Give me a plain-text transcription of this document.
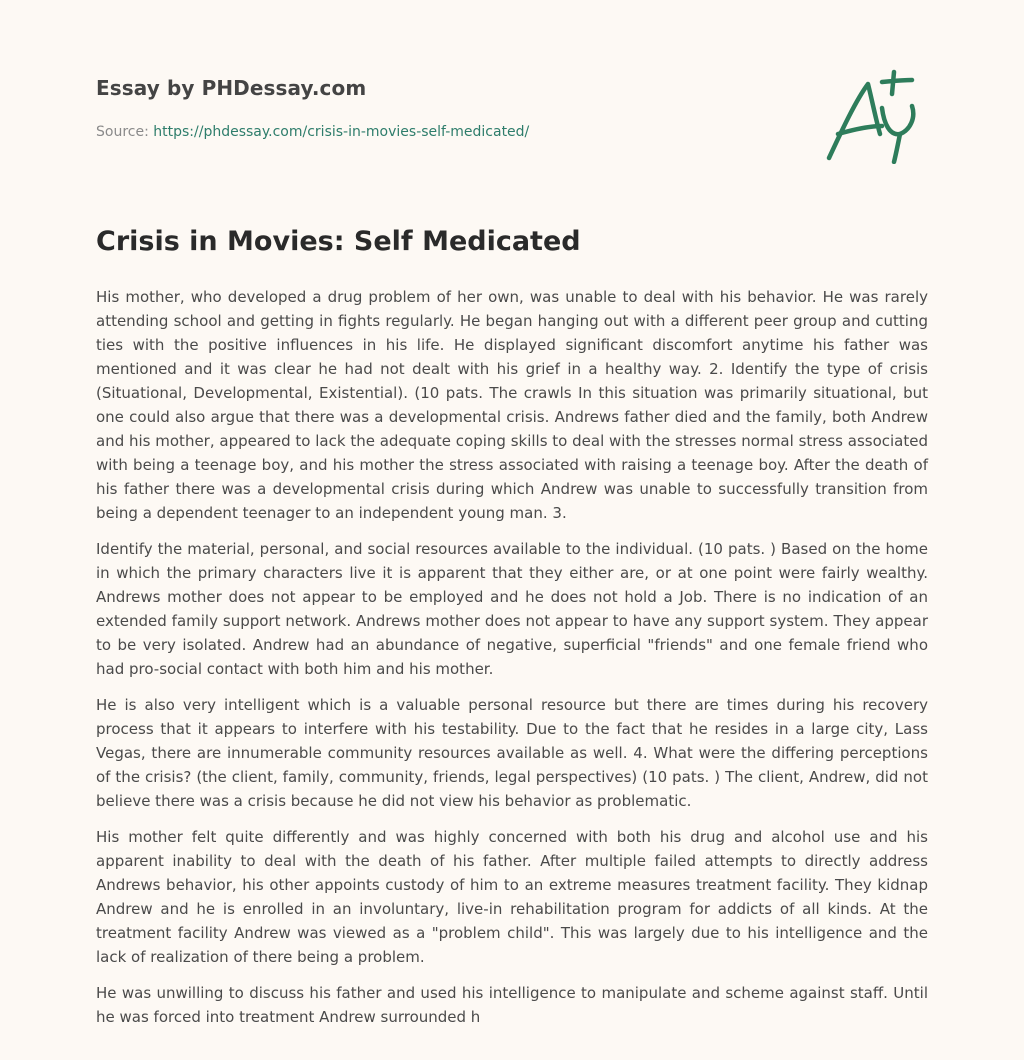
Essay by PHDessay.com
Source: https://phdessay.com/crisis-in-movies-self-medicated/
Crisis in Movies: Self Medicated

His mother, who developed a drug problem of her own, was unable to deal with his behavior. He was rarely attending school and getting in fights regularly. He began hanging out with a different peer group and cutting ties with the positive influences in his life. He displayed significant discomfort anytime his father was mentioned and it was clear he had not dealt with his grief in a healthy way. 2. Identify the type of crisis (Situational, Developmental, Existential). (10 pats. The crawls In this situation was primarily situational, but one could also argue that there was a developmental crisis. Andrews father died and the family, both Andrew and his mother, appeared to lack the adequate coping skills to deal with the stresses normal stress associated with being a teenage boy, and his mother the stress associated with raising a teenage boy. After the death of his father there was a developmental crisis during which Andrew was unable to successfully transition from being a dependent teenager to an independent young man. 3.

Identify the material, personal, and social resources available to the individual. (10 pats. ) Based on the home in which the primary characters live it is apparent that they either are, or at one point were fairly wealthy. Andrews mother does not appear to be employed and he does not hold a Job. There is no indication of an extended family support network. Andrews mother does not appear to have any support system. They appear to be very isolated. Andrew had an abundance of negative, superficial "friends" and one female friend who had pro-social contact with both him and his mother.

He is also very intelligent which is a valuable personal resource but there are times during his recovery process that it appears to interfere with his testability. Due to the fact that he resides in a large city, Lass Vegas, there are innumerable community resources available as well. 4. What were the differing perceptions of the crisis? (the client, family, community, friends, legal perspectives) (10 pats. ) The client, Andrew, did not believe there was a crisis because he did not view his behavior as problematic.

His mother felt quite differently and was highly concerned with both his drug and alcohol use and his apparent inability to deal with the death of his father. After multiple failed attempts to directly address Andrews behavior, his other appoints custody of him to an extreme measures treatment facility. They kidnap Andrew and he is enrolled in an involuntary, live-in rehabilitation program for addicts of all kinds. At the treatment facility Andrew was viewed as a "problem child". This was largely due to his intelligence and the lack of realization of there being a problem.

He was unwilling to discuss his father and used his intelligence to manipulate and scheme against staff. Until he was forced into treatment Andrew surrounded h
